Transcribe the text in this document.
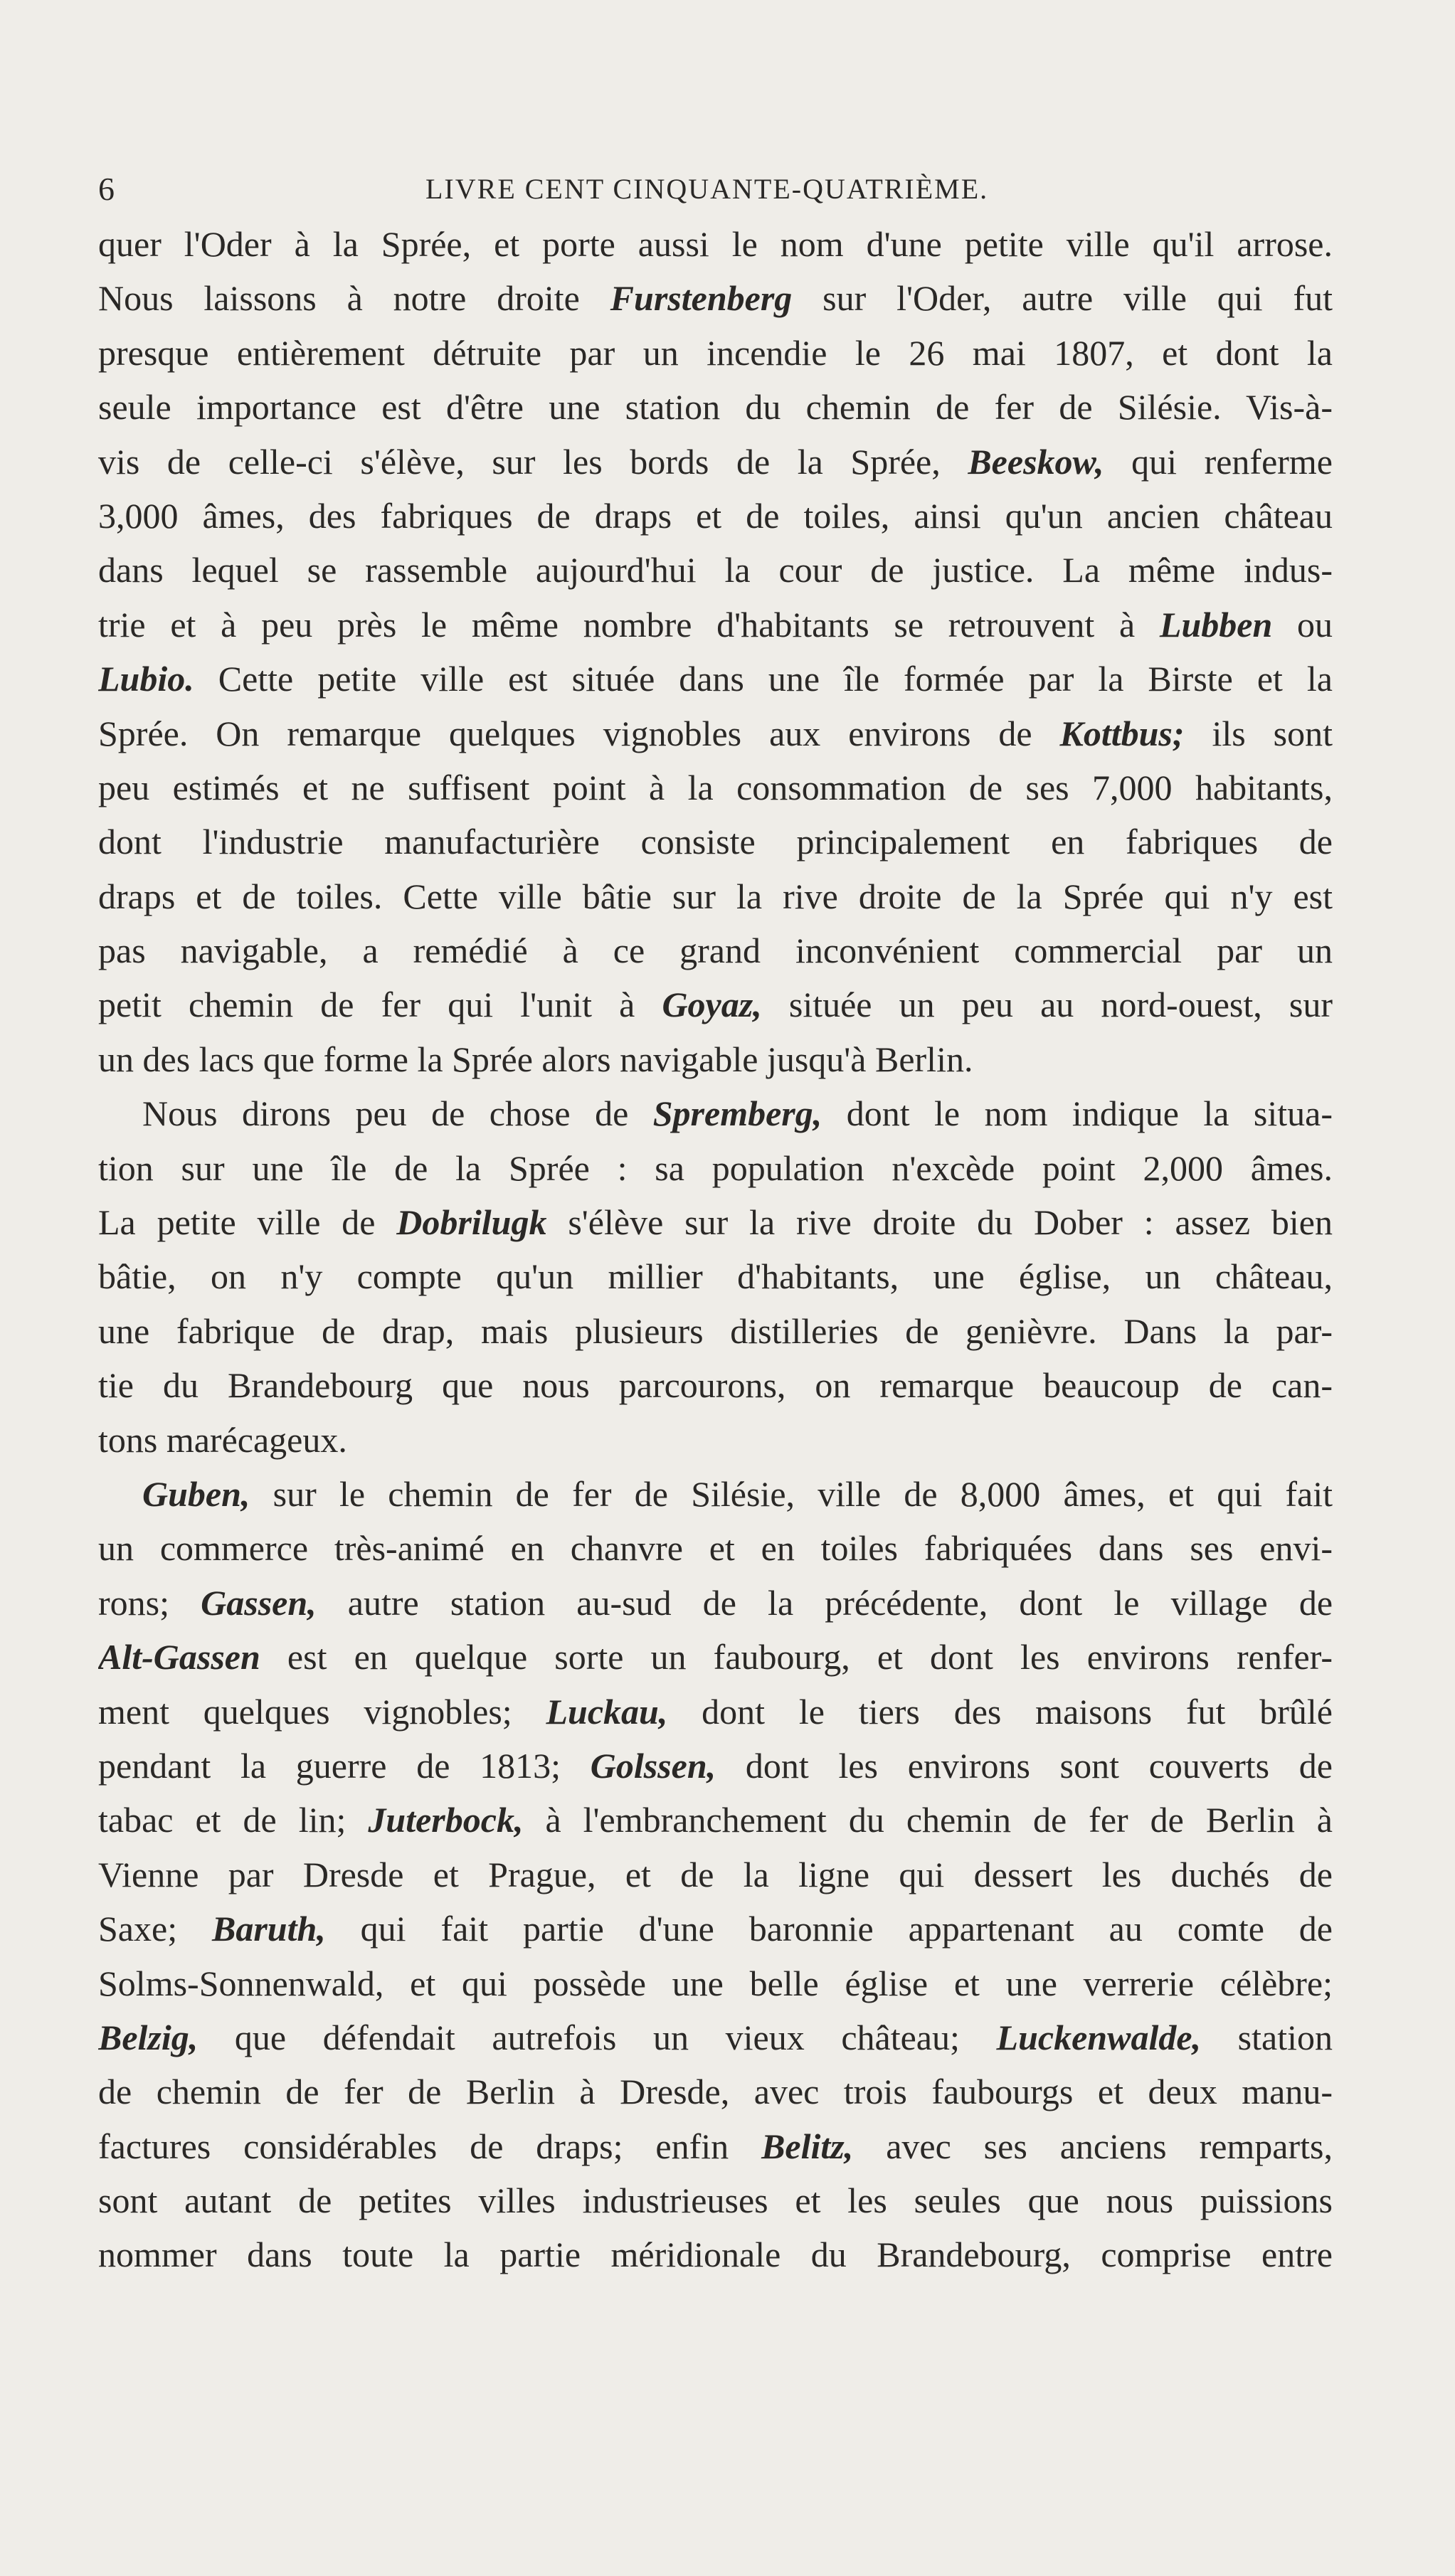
6	LIVRE CENT CINQUANTE-QUATRIÈME.
quer l'Oder à la Sprée, et porte aussi le nom d'une petite ville qu'il arrose.
Nous laissons à notre droite Furstenberg sur l'Oder, autre ville qui fut
presque entièrement détruite par un incendie le 26 mai 1807, et dont la
seule importance est d'être une station du chemin de fer de Silésie. Vis-à-
vis de celle-ci s'élève, sur les bords de la Sprée, Beeskow, qui renferme
3,000 âmes, des fabriques de draps et de toiles, ainsi qu'un ancien château
dans lequel se rassemble aujourd'hui la cour de justice. La même indus-
trie et à peu près le même nombre d'habitants se retrouvent à Lubben ou
Lubio. Cette petite ville est située dans une île formée par la Birste et la
Sprée. On remarque quelques vignobles aux environs de Kottbus; ils sont
peu estimés et ne suffisent point à la consommation de ses 7,000 habitants,
dont l'industrie manufacturière consiste principalement en fabriques de
draps et de toiles. Cette ville bâtie sur la rive droite de la Sprée qui n'y est
pas navigable, a remédié à ce grand inconvénient commercial par un
petit chemin de fer qui l'unit à Goyaz, située un peu au nord-ouest, sur
un des lacs que forme la Sprée alors navigable jusqu'à Berlin.
Nous dirons peu de chose de Spremberg, dont le nom indique la situa-
tion sur une île de la Sprée : sa population n'excède point 2,000 âmes.
La petite ville de Dobrilugk s'élève sur la rive droite du Dober : assez bien
bâtie, on n'y compte qu'un millier d'habitants, une église, un château,
une fabrique de drap, mais plusieurs distilleries de genièvre. Dans la par-
tie du Brandebourg que nous parcourons, on remarque beaucoup de can-
tons marécageux.
Guben, sur le chemin de fer de Silésie, ville de 8,000 âmes, et qui fait
un commerce très-animé en chanvre et en toiles fabriquées dans ses envi-
rons; Gassen, autre station au-sud de la précédente, dont le village de
Alt-Gassen est en quelque sorte un faubourg, et dont les environs renfer-
ment quelques vignobles; Luckau, dont le tiers des maisons fut brûlé
pendant la guerre de 1813; Golssen, dont les environs sont couverts de
tabac et de lin; Juterbock, à l'embranchement du chemin de fer de Berlin à
Vienne par Dresde et Prague, et de la ligne qui dessert les duchés de
Saxe; Baruth, qui fait partie d'une baronnie appartenant au comte de
Solms-Sonnenwald, et qui possède une belle église et une verrerie célèbre;
Belzig, que défendait autrefois un vieux château; Luckenwalde, station
de chemin de fer de Berlin à Dresde, avec trois faubourgs et deux manu-
factures considérables de draps; enfin Belitz, avec ses anciens remparts,
sont autant de petites villes industrieuses et les seules que nous puissions
nommer dans toute la partie méridionale du Brandebourg, comprise entre
